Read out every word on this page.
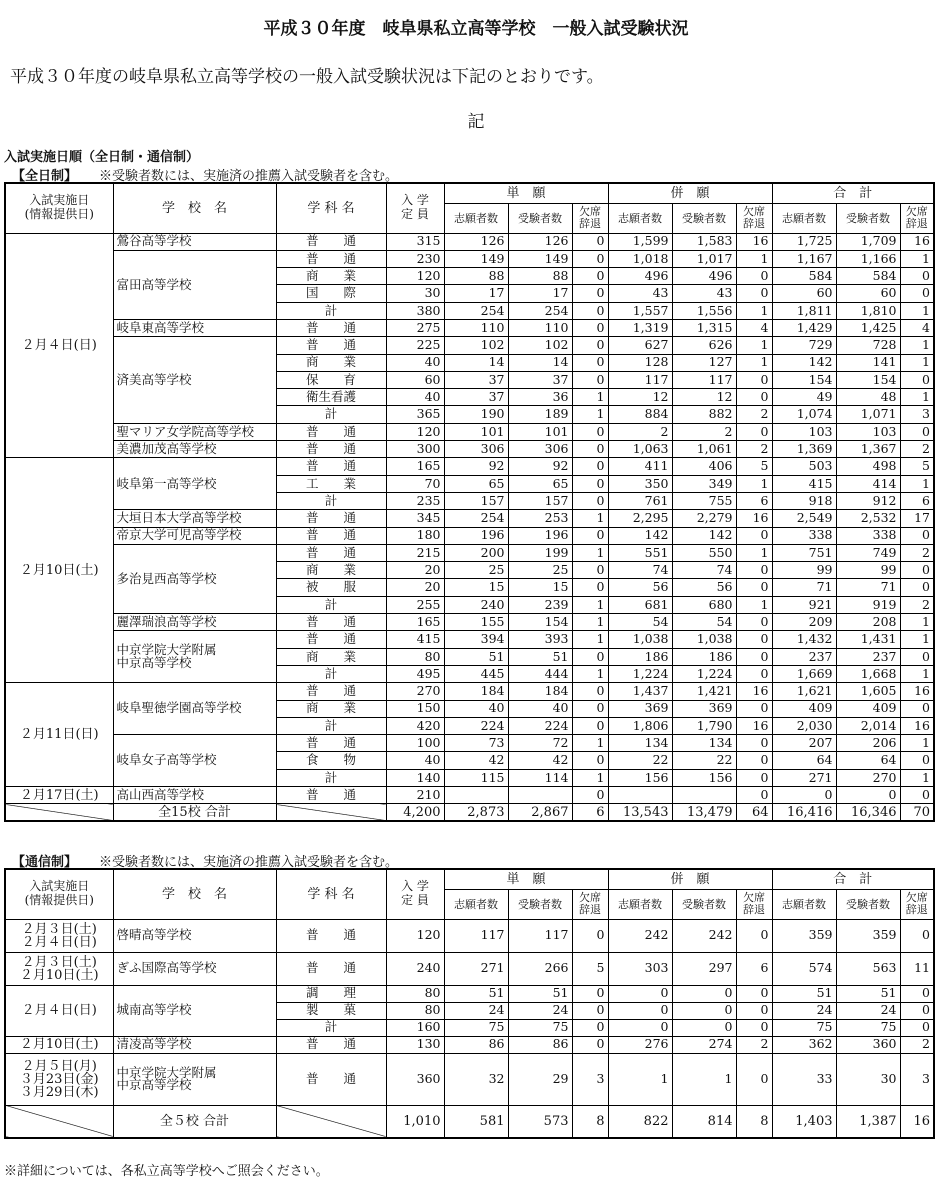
平成３０年度　岐阜県私立高等学校　一般入試受験状況
平成３０年度の岐阜県私立高等学校の一般入試受験状況は下記のとおりです。
記
入試実施日順（全日制・通信制）
【全日制】 ※受験者数には、実施済の推薦入試受験者を含む。
入試実施日
(情報提供日)	学　校　名	学 科 名	入 学
定 員	単　願			併　願			合　計		
				志願者数	受験者数	欠席
辞退	志願者数	受験者数	欠席
辞退	志願者数	受験者数	欠席
辞退
２月４日(日)	鶯谷高等学校	普　　通	315	126	126	0	1,599	1,583	16	1,725	1,709	16
	富田高等学校	普　　通	230	149	149	0	1,018	1,017	1	1,167	1,166	1
		商　　業	120	88	88	0	496	496	0	584	584	0
		国　　際	30	17	17	0	43	43	0	60	60	0
		計	380	254	254	0	1,557	1,556	1	1,811	1,810	1
	岐阜東高等学校	普　　通	275	110	110	0	1,319	1,315	4	1,429	1,425	4
	済美高等学校	普　　通	225	102	102	0	627	626	1	729	728	1
		商　　業	40	14	14	0	128	127	1	142	141	1
		保　　育	60	37	37	0	117	117	0	154	154	0
		衛生看護	40	37	36	1	12	12	0	49	48	1
		計	365	190	189	1	884	882	2	1,074	1,071	3
	聖マリア女学院高等学校	普　　通	120	101	101	0	2	2	0	103	103	0
	美濃加茂高等学校	普　　通	300	306	306	0	1,063	1,061	2	1,369	1,367	2
２月10日(土)	岐阜第一高等学校	普　　通	165	92	92	0	411	406	5	503	498	5
		工　　業	70	65	65	0	350	349	1	415	414	1
		計	235	157	157	0	761	755	6	918	912	6
	大垣日本大学高等学校	普　　通	345	254	253	1	2,295	2,279	16	2,549	2,532	17
	帝京大学可児高等学校	普　　通	180	196	196	0	142	142	0	338	338	0
	多治見西高等学校	普　　通	215	200	199	1	551	550	1	751	749	2
		商　　業	20	25	25	0	74	74	0	99	99	0
		被　　服	20	15	15	0	56	56	0	71	71	0
		計	255	240	239	1	681	680	1	921	919	2
	麗澤瑞浪高等学校	普　　通	165	155	154	1	54	54	0	209	208	1
	中京学院大学附属
中京高等学校	普　　通	415	394	393	1	1,038	1,038	0	1,432	1,431	1
		商　　業	80	51	51	0	186	186	0	237	237	0
		計	495	445	444	1	1,224	1,224	0	1,669	1,668	1
２月11日(日)	岐阜聖徳学園高等学校	普　　通	270	184	184	0	1,437	1,421	16	1,621	1,605	16
		商　　業	150	40	40	0	369	369	0	409	409	0
		計	420	224	224	0	1,806	1,790	16	2,030	2,014	16
	岐阜女子高等学校	普　　通	100	73	72	1	134	134	0	207	206	1
		食　　物	40	42	42	0	22	22	0	64	64	0
		計	140	115	114	1	156	156	0	271	270	1
２月17日(土)	高山西高等学校	普　　通	210			0			0	0	0	0
	全15校 合計		4,200	2,873	2,867	6	13,543	13,479	64	16,416	16,346	70
【通信制】 ※受験者数には、実施済の推薦入試受験者を含む。
入試実施日
(情報提供日)	学　校　名	学 科 名	入 学
定 員	単　願			併　願			合　計		
				志願者数	受験者数	欠席
辞退	志願者数	受験者数	欠席
辞退	志願者数	受験者数	欠席
辞退
２月３日(土)
２月４日(日)	啓晴高等学校	普　　通	120	117	117	0	242	242	0	359	359	0
２月３日(土)
２月10日(土)	ぎふ国際高等学校	普　　通	240	271	266	5	303	297	6	574	563	11
２月４日(日)	城南高等学校	調　　理	80	51	51	0	0	0	0	51	51	0
		製　　菓	80	24	24	0	0	0	0	24	24	0
		計	160	75	75	0	0	0	0	75	75	0
２月10日(土)	清凌高等学校	普　　通	130	86	86	0	276	274	2	362	360	2
２月５日(月)
３月23日(金)
３月29日(木)	中京学院大学附属
中京高等学校	普　　通	360	32	29	3	1	1	0	33	30	3
	全５校 合計		1,010	581	573	8	822	814	8	1,403	1,387	16
※詳細については、各私立高等学校へご照会ください。
